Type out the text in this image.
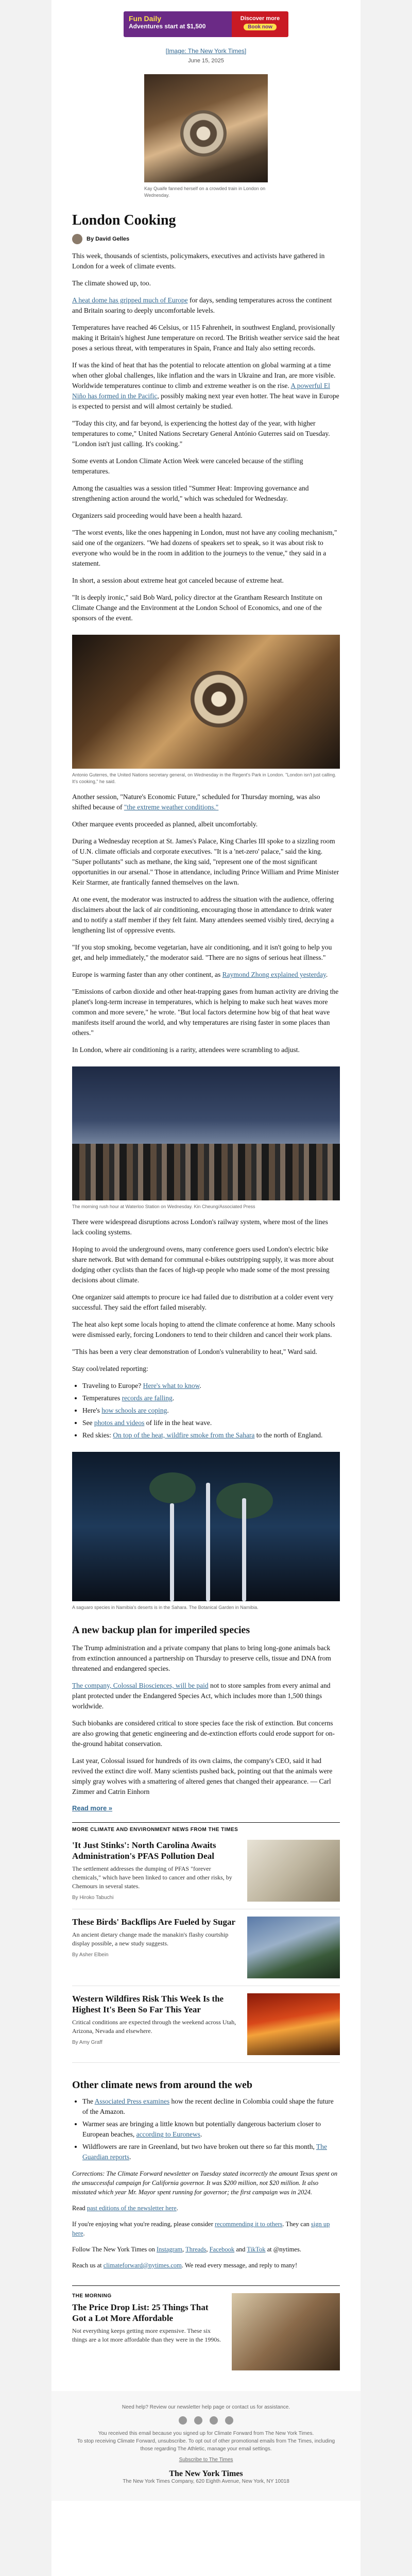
Fun Daily
Adventures start at $1,500
Discover more
Book now
[Image: The New York Times]
June 15, 2025
Kay Quaife fanned herself on a crowded train in London on Wednesday.
London Cooking
By David Gelles

This week, thousands of scientists, policymakers, executives and activists have gathered in London for a week of climate events.

The climate showed up, too.

A heat dome has gripped much of Europe for days, sending temperatures across the continent and Britain soaring to deeply uncomfortable levels.

Temperatures have reached 46 Celsius, or 115 Fahrenheit, in southwest England, provisionally making it Britain's highest June temperature on record. The British weather service said the heat poses a serious threat, with temperatures in Spain, France and Italy also setting records.

If was the kind of heat that has the potential to relocate attention on global warming at a time when other global challenges, like inflation and the wars in Ukraine and Iran, are more visible. Worldwide temperatures continue to climb and extreme weather is on the rise. A powerful El Niño has formed in the Pacific, possibly making next year even hotter. The heat wave in Europe is expected to persist and will almost certainly be studied.

"Today this city, and far beyond, is experiencing the hottest day of the year, with higher temperatures to come," United Nations Secretary General António Guterres said on Tuesday. "London isn't just calling. It's cooking."

Some events at London Climate Action Week were canceled because of the stifling temperatures.

Among the casualties was a session titled "Summer Heat: Improving governance and strengthening action around the world," which was scheduled for Wednesday.

Organizers said proceeding would have been a health hazard.

"The worst events, like the ones happening in London, must not have any cooling mechanism," said one of the organizers. "We had dozens of speakers set to speak, so it was about risk to everyone who would be in the room in addition to the journeys to the venue," they said in a statement.

In short, a session about extreme heat got canceled because of extreme heat.

"It is deeply ironic," said Bob Ward, policy director at the Grantham Research Institute on Climate Change and the Environment at the London School of Economics, and one of the sponsors of the event.

Antonio Guterres, the United Nations secretary general, on Wednesday in the Regent's Park in London. "London isn't just calling. It's cooking," he said.

Another session, "Nature's Economic Future," scheduled for Thursday morning, was also shifted because of "the extreme weather conditions."

Other marquee events proceeded as planned, albeit uncomfortably.

During a Wednesday reception at St. James's Palace, King Charles III spoke to a sizzling room of U.N. climate officials and corporate executives. "It is a 'net-zero' palace," said the king. "Super pollutants" such as methane, the king said, "represent one of the most significant opportunities in our arsenal." Those in attendance, including Prince William and Prime Minister Keir Starmer, ate frantically fanned themselves on the lawn.

At one event, the moderator was instructed to address the situation with the audience, offering disclaimers about the lack of air conditioning, encouraging those in attendance to drink water and to notify a staff member if they felt faint. Many attendees seemed visibly tired, decrying a lengthening list of oppressive events.

"If you stop smoking, become vegetarian, have air conditioning, and it isn't going to help you get, and help immediately," the moderator said. "There are no signs of serious heat illness."

Europe is warming faster than any other continent, as Raymond Zhong explained yesterday.

"Emissions of carbon dioxide and other heat-trapping gases from human activity are driving the planet's long-term increase in temperatures, which is helping to make such heat waves more common and more severe," he wrote. "But local factors determine how big of that heat wave manifests itself around the world, and why temperatures are rising faster in some places than others."

In London, where air conditioning is a rarity, attendees were scrambling to adjust.

The morning rush hour at Waterloo Station on Wednesday. Kin Cheung/Associated Press

There were widespread disruptions across London's railway system, where most of the lines lack cooling systems.

Hoping to avoid the underground ovens, many conference goers used London's electric bike share network. But with demand for communal e-bikes outstripping supply, it was more about dodging other cyclists than the faces of high-up people who made some of the most pressing decisions about climate.

One organizer said attempts to procure ice had failed due to distribution at a colder event very successful. They said the effort failed miserably.

The heat also kept some locals hoping to attend the climate conference at home. Many schools were dismissed early, forcing Londoners to tend to their children and cancel their work plans.

"This has been a very clear demonstration of London's vulnerability to heat," Ward said.

Stay cool/related reporting:

• Traveling to Europe? Here's what to know.
• Temperatures records are falling.
• Here's how schools are coping.
• See photos and videos of life in the heat wave.
• Red skies: On top of the heat, wildfire smoke from the Sahara to the north of England.
A saguaro species in Namibia's deserts is in the Sahara. The Botanical Garden in Namibia.
A new backup plan for imperiled species

The Trump administration and a private company that plans to bring long-gone animals back from extinction announced a partnership on Thursday to preserve cells, tissue and DNA from threatened and endangered species.

The company, Colossal Biosciences, will be paid not to store samples from every animal and plant protected under the Endangered Species Act, which includes more than 1,500 things worldwide.

Such biobanks are considered critical to store species face the risk of extinction. But concerns are also growing that genetic engineering and de-extinction efforts could erode support for on-the-ground habitat conservation.

Last year, Colossal issued for hundreds of its own claims, the company's CEO, said it had revived the extinct dire wolf. Many scientists pushed back, pointing out that the animals were simply gray wolves with a smattering of altered genes that changed their appearance. — Carl Zimmer and Catrin Einhorn

Read more »
MORE CLIMATE AND ENVIRONMENT NEWS FROM THE TIMES
'It Just Stinks': North Carolina Awaits Administration's PFAS Pollution Deal
The settlement addresses the dumping of PFAS "forever chemicals," which have been linked to cancer and other risks, by Chemours in several states.
By Hiroko Tabuchi
These Birds' Backflips Are Fueled by Sugar
An ancient dietary change made the manakin's flashy courtship display possible, a new study suggests.
By Asher Elbein
Western Wildfires Risk This Week Is the Highest It's Been So Far This Year
Critical conditions are expected through the weekend across Utah, Arizona, Nevada and elsewhere.
By Amy Graff
Other climate news from around the web
• The Associated Press examines how the recent decline in Colombia could shape the future of the Amazon.
• Warmer seas are bringing a little known but potentially dangerous bacterium closer to European beaches, according to Euronews.
• Wildflowers are rare in Greenland, but two have broken out there so far this month, The Guardian reports.

Corrections: The Climate Forward newsletter on Tuesday stated incorrectly the amount Texas spent on the unsuccessful campaign for California governor. It was $200 million, not $20 million. It also misstated which year Mr. Mayor spent running for governor; the first campaign was in 2024.

Read past editions of the newsletter here.

If you're enjoying what you're reading, please consider recommending it to others. They can sign up here.

Follow The New York Times on Instagram, Threads, Facebook and TikTok at @nytimes.

Reach us at climateforward@nytimes.com. We read every message, and reply to many!

THE MORNING
The Price Drop List: 25 Things That Got a Lot More Affordable
Not everything keeps getting more expensive. These six things are a lot more affordable than they were in the 1990s.
Need help? Review our newsletter help page or contact us for assistance.
You received this email because you signed up for Climate Forward from The New York Times.
To stop receiving Climate Forward, unsubscribe. To opt out of other promotional emails from The Times, including those regarding The Athletic, manage your email settings.
Subscribe to The Times
The New York Times
The New York Times Company, 620 Eighth Avenue, New York, NY 10018
